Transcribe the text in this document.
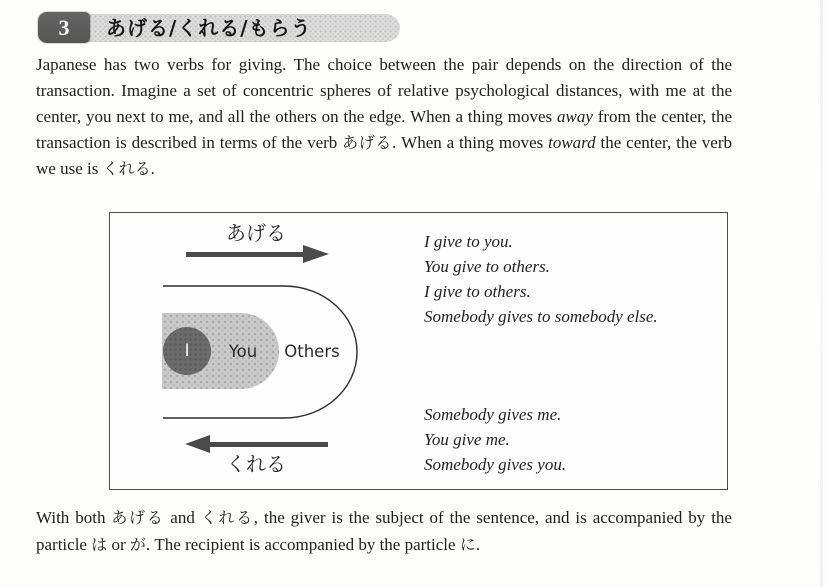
あげる/くれる/もらう
3

Japanese has two verbs for giving. The choice between the pair depends on the direction of the transaction. Imagine a set of concentric spheres of relative psychological distances, with me at the center, you next to me, and all the others on the edge. When a thing moves away from the center, the transaction is described in terms of the verb あげる. When a thing moves toward the center, the verb we use is くれる.

あげる
I	You	Others
I give to you.
You give to others.
I give to others.
Somebody gives to somebody else.
Somebody gives me.
You give me.
Somebody gives you.
くれる

With both あげる and くれる, the giver is the subject of the sentence, and is accompanied by the particle は or が. The recipient is accompanied by the particle に.
